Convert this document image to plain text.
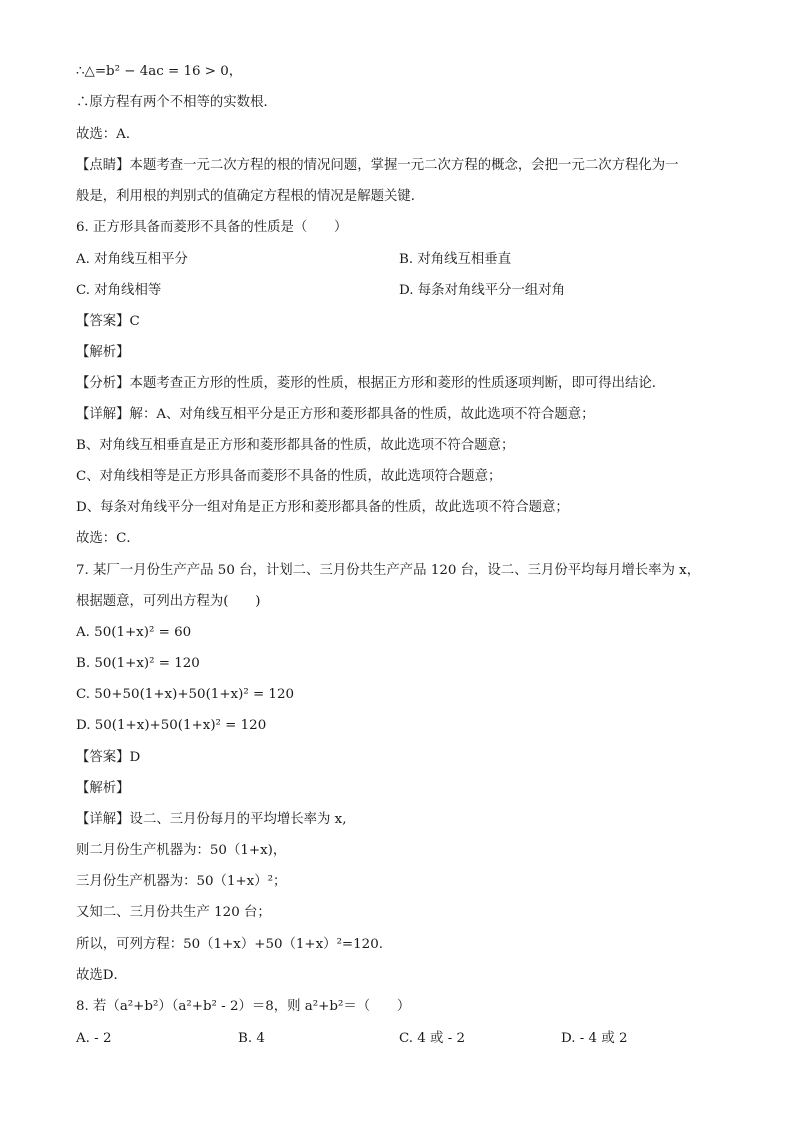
∴△=b² − 4ac = 16 > 0，
∴原方程有两个不相等的实数根．
故选：A．
【点睛】本题考查一元二次方程的根的情况问题，掌握一元二次方程的概念，会把一元二次方程化为一
般是，利用根的判别式的值确定方程根的情况是解题关键．
6. 正方形具备而菱形不具备的性质是（　　）
A. 对角线互相平分	B. 对角线互相垂直
C. 对角线相等	D. 每条对角线平分一组对角
【答案】C
【解析】
【分析】本题考查正方形的性质，菱形的性质，根据正方形和菱形的性质逐项判断，即可得出结论．
【详解】解：A、对角线互相平分是正方形和菱形都具备的性质，故此选项不符合题意；
B、对角线互相垂直是正方形和菱形都具备的性质，故此选项不符合题意；
C、对角线相等是正方形具备而菱形不具备的性质，故此选项符合题意；
D、每条对角线平分一组对角是正方形和菱形都具备的性质，故此选项不符合题意；
故选：C．
7. 某厂一月份生产产品 50 台，计划二、三月份共生产产品 120 台，设二、三月份平均每月增长率为 x，
根据题意，可列出方程为(　　)
A. 50(1+x)² = 60
B. 50(1+x)² = 120
C. 50+50(1+x)+50(1+x)² = 120
D. 50(1+x)+50(1+x)² = 120
【答案】D
【解析】
【详解】设二、三月份每月的平均增长率为 x,
则二月份生产机器为：50（1+x)，
三月份生产机器为：50（1+x）²；
又知二、三月份共生产 120 台；
所以，可列方程：50（1+x）+50（1+x）²=120.
故选D．
8. 若（a²+b²）（a²+b² - 2）＝8，则 a²+b²＝（　　）
A. - 2	B. 4	C. 4 或 - 2	D. - 4 或 2
